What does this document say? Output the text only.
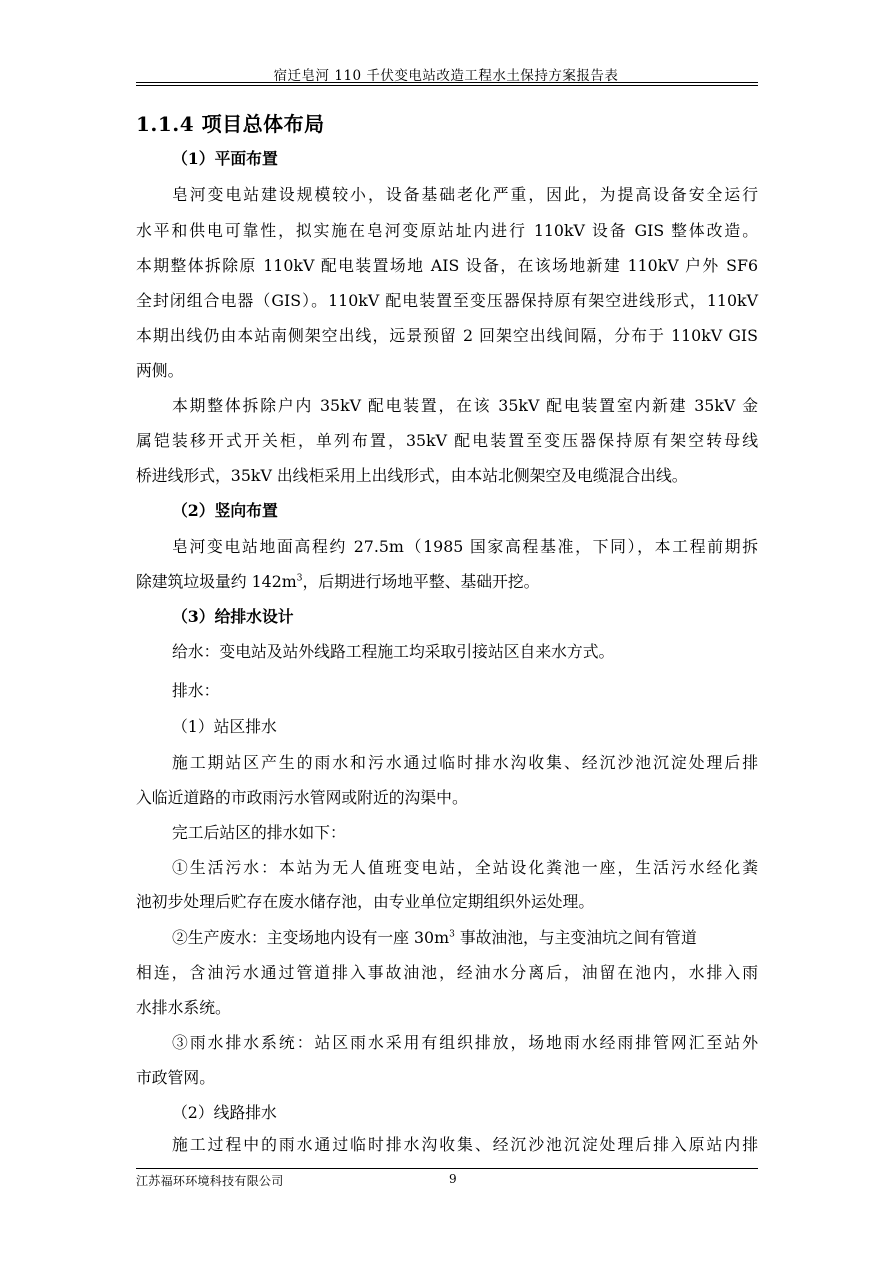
宿迁皂河 110 千伏变电站改造工程水土保持方案报告表
1.1.4 项目总体布局
（1）平面布置
皂河变电站建设规模较小，设备基础老化严重，因此，为提高设备安全运行
水平和供电可靠性，拟实施在皂河变原站址内进行 110kV 设备 GIS 整体改造。
本期整体拆除原 110kV 配电装置场地 AIS 设备，在该场地新建 110kV 户外 SF6
全封闭组合电器（GIS）。110kV 配电装置至变压器保持原有架空进线形式，110kV
本期出线仍由本站南侧架空出线，远景预留 2 回架空出线间隔，分布于 110kV GIS
两侧。
本期整体拆除户内 35kV 配电装置，在该 35kV 配电装置室内新建 35kV 金
属铠装移开式开关柜，单列布置，35kV 配电装置至变压器保持原有架空转母线
桥进线形式，35kV 出线柜采用上出线形式，由本站北侧架空及电缆混合出线。
（2）竖向布置
皂河变电站地面高程约 27.5m（1985 国家高程基准，下同），本工程前期拆
除建筑垃圾量约 $142m^3$，后期进行场地平整、基础开挖。
（3）给排水设计
给水：变电站及站外线路工程施工均采取引接站区自来水方式。
排水：
（1）站区排水
施工期站区产生的雨水和污水通过临时排水沟收集、经沉沙池沉淀处理后排
入临近道路的市政雨污水管网或附近的沟渠中。
完工后站区的排水如下：
①生活污水：本站为无人值班变电站，全站设化粪池一座，生活污水经化粪
池初步处理后贮存在废水储存池，由专业单位定期组织外运处理。
②生产废水：主变场地内设有一座 $30m^3$ 事故油池，与主变油坑之间有管道
相连，含油污水通过管道排入事故油池，经油水分离后，油留在池内，水排入雨
水排水系统。
③雨水排水系统：站区雨水采用有组织排放，场地雨水经雨排管网汇至站外
市政管网。
（2）线路排水
施工过程中的雨水通过临时排水沟收集、经沉沙池沉淀处理后排入原站内排
江苏福环环境科技有限公司	9
